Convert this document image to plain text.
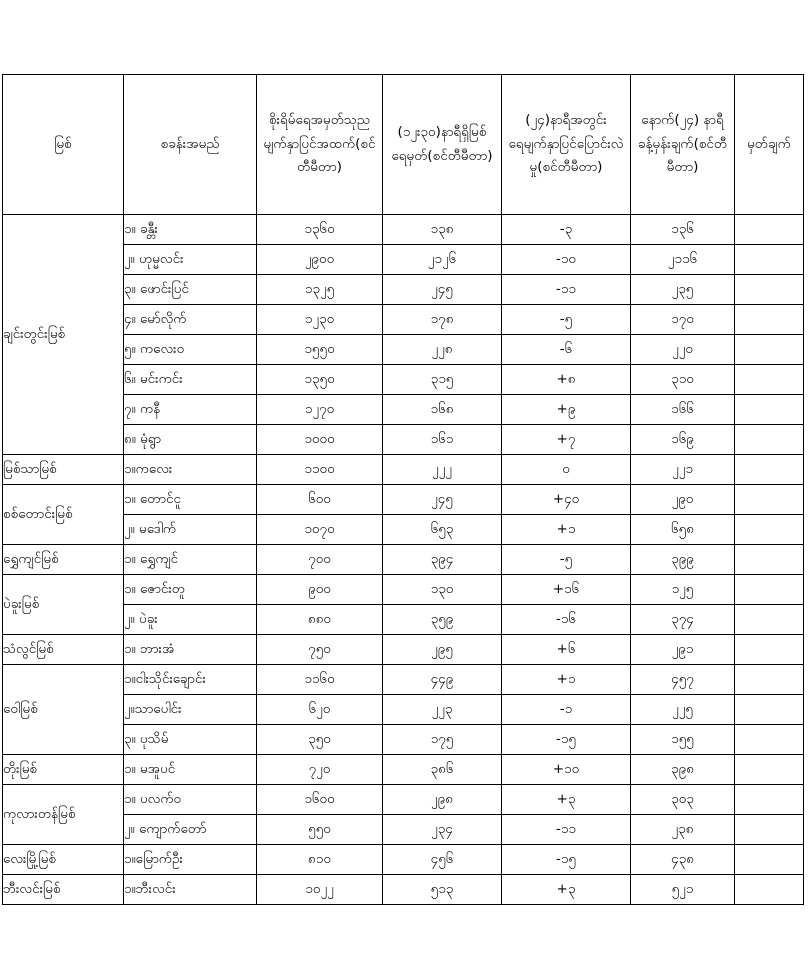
မြစ်	စခန်းအမည်	စိုးရိမ်ရေအမှတ်သုညမျက်နှာပြင်အထက်(စင်တီမီတာ)	(၁၂း၃၀)နာရီရှိမြစ်ရေမှတ်(စင်တီမီတာ)	(၂၄)နာရီအတွင်းရေမျက်နှာပြင်ပြောင်းလဲမှု(စင်တီမီတာ)	နောက်(၂၄) နာရီခန့်မှန်းချက်(စင်တီမီတာ)	မှတ်ချက်
ချင်းတွင်းမြစ်	၁။ ခန္တီး	၁၃၆၀	၁၃၈	-၃	၁၃၆	
	၂။ ဟုမ္မလင်း	၂၉၀၀	၂၁၂၆	-၁၀	၂၁၁၆	
	၃။ ဖောင်းပြင်	၁၃၂၅	၂၄၅	-၁၁	၂၃၅	
	၄။ မော်လိုက်	၁၂၃၀	၁၇၈	-၅	၁၇၀	
	၅။ ကလေးဝ	၁၅၅၀	၂၂၈	-၆	၂၂၀	
	၆။ မင်းကင်း	၁၃၅၀	၃၁၅	+၈	၃၁၀	
	၇။ ကနီ	၁၂၇၀	၁၆၈	+၉	၁၆၆	
	၈။ မုံရွာ	၁၀၀၀	၁၆၁	+၇	၁၆၉	
မြစ်သာမြစ်	၁။ကလေး	၁၁၀၀	၂၂၂	၀	၂၂၁	
စစ်တောင်းမြစ်	၁။ တောင်ငူ	၆၀၀	၂၄၅	+၄၀	၂၉၀	
	၂။ မဒေါက်	၁၀၇၀	၆၅၃	+၁	၆၅၈	
ရွှေကျင်မြစ်	၁။ ရွှေကျင်	၇၀၀	၃၉၄	-၅	၃၉၉	
ပဲခူးမြစ်	၁။ ဇောင်းတူ	၉၀၀	၁၃၀	+၁၆	၁၂၅	
	၂။ ပဲခူး	၈၈၀	၃၅၉	-၁၆	၃၇၄	
သံလွင်မြစ်	၁။ ဘားအံ	၇၅၀	၂၉၅	+၆	၂၉၁	
ဝေါမြစ်	၁။ငါးသိုင်းချောင်း	၁၁၆၀	၄၄၉	+၁	၄၅၇	
	၂။သာပေါင်း	၆၂၀	၂၂၃	-၁	၂၂၅	
	၃။ ပုသိမ်	၃၅၀	၁၇၅	-၁၅	၁၅၅	
တိုးမြစ်	၁။ မအူပင်	၇၂၀	၃၈၆	+၁၀	၃၉၈	
ကုလားတန်မြစ်	၁။ ပလက်ဝ	၁၆၀၀	၂၉၈	+၃	၃၀၃	
	၂။ ကျောက်တော်	၅၅၀	၂၃၄	-၁၁	၂၃၈	
လေးမြို့မြစ်	၁။မြောက်ဦး	၈၁၀	၄၅၆	-၁၅	၄၃၈	
ဘီးလင်းမြစ်	၁။ဘီးလင်း	၁၀၂၂	၅၁၃	+၃	၅၂၁	
